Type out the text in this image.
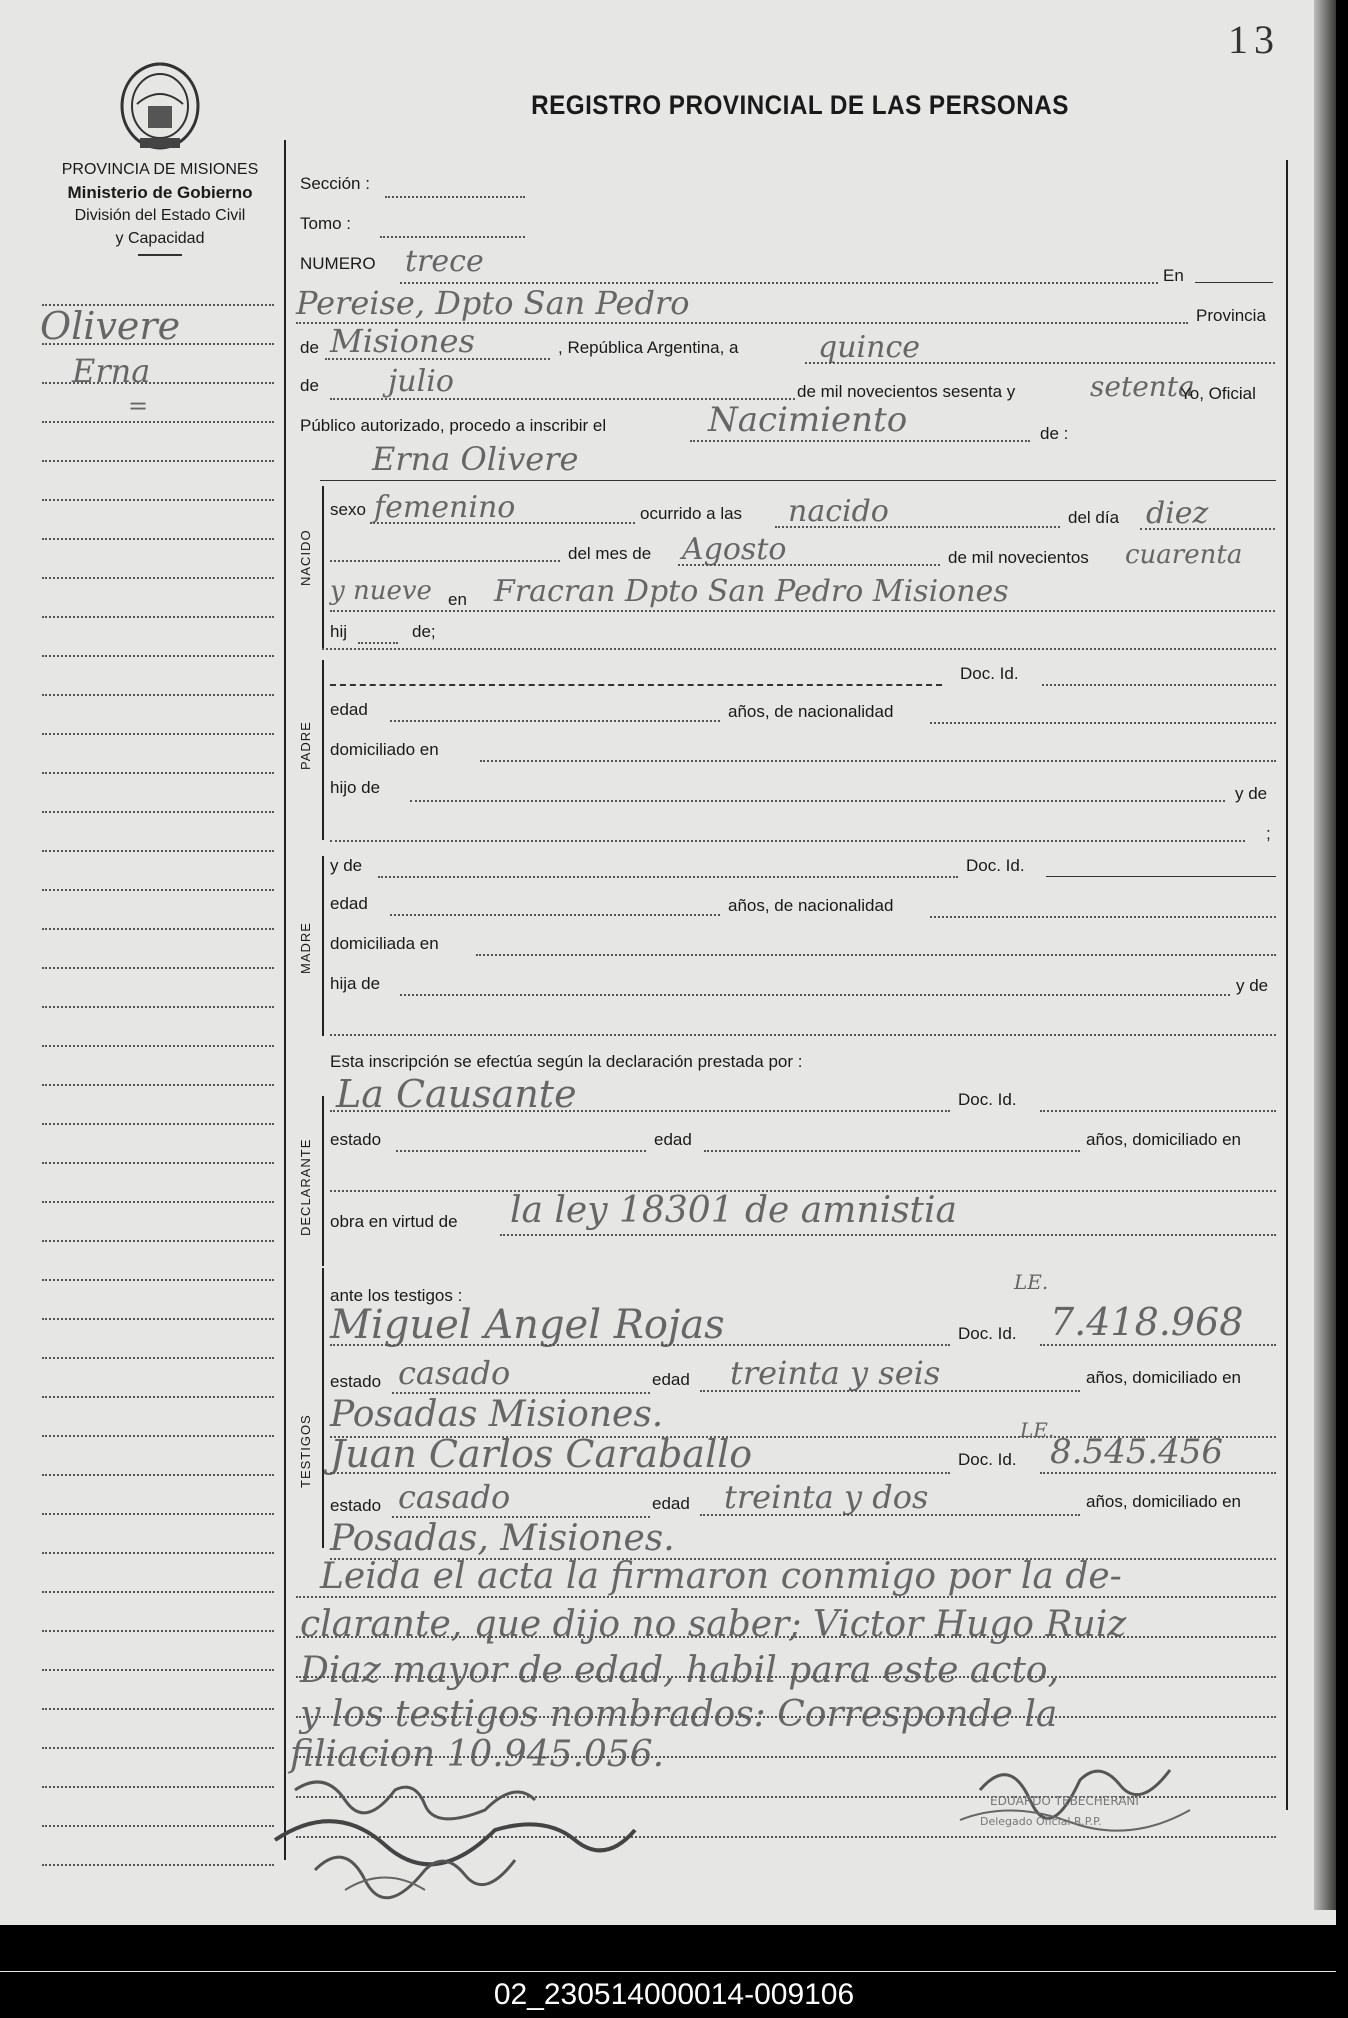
13
PROVINCIA DE MISIONES
Ministerio de Gobierno
División del Estado Civil
y Capacidad
REGISTRO PROVINCIAL DE LAS PERSONAS
Olivere
Erna
=
Sección :
Tomo :
NUMERO trece	En
Pereise, Dpto San Pedro	Provincia
de Misiones	, República Argentina, a	quince
de julio	de mil novecientos sesenta y	setenta
Yo, Oficial
Público autorizado, procedo a inscribir el	Nacimiento	de :
Erna Olivere
NACIDO
sexo femenino	ocurrido a las nacido	del día diez
del mes de Agosto	de mil novecientos cuarenta
y nueve en Fracran Dpto San Pedro Misiones
hij	de;
PADRE
Doc. Id.
edad	años, de nacionalidad
domiciliado en
hijo de	y de
;
MADRE
y de	Doc. Id.
edad	años, de nacionalidad
domiciliada en
hija de	y de
DECLARANTE
Esta inscripción se efectúa según la declaración prestada por :
La Causante	Doc. Id.
estado	edad	años, domiciliado en
obra en virtud de la ley 18301 de amnistia
TESTIGOS
ante los testigos :
LE.
Miguel Angel Rojas	Doc. Id. 7.418.968
estado casado	edad treinta y seis	años, domiciliado en
Posadas Misiones.	LE.
Juan Carlos Caraballo	Doc. Id. 8.545.456
estado casado	edad treinta y dos	años, domiciliado en
Posadas, Misiones.
Leida el acta la firmaron conmigo por la de-
clarante, que dijo no saber; Victor Hugo Ruiz
Diaz mayor de edad, habil para este acto,
y los testigos nombrados: Corresponde la
filiacion 10.945.056.
EDUARDO TEBECHERANI
Delegado Oficial R.P.P.
02_230514000014-009106
